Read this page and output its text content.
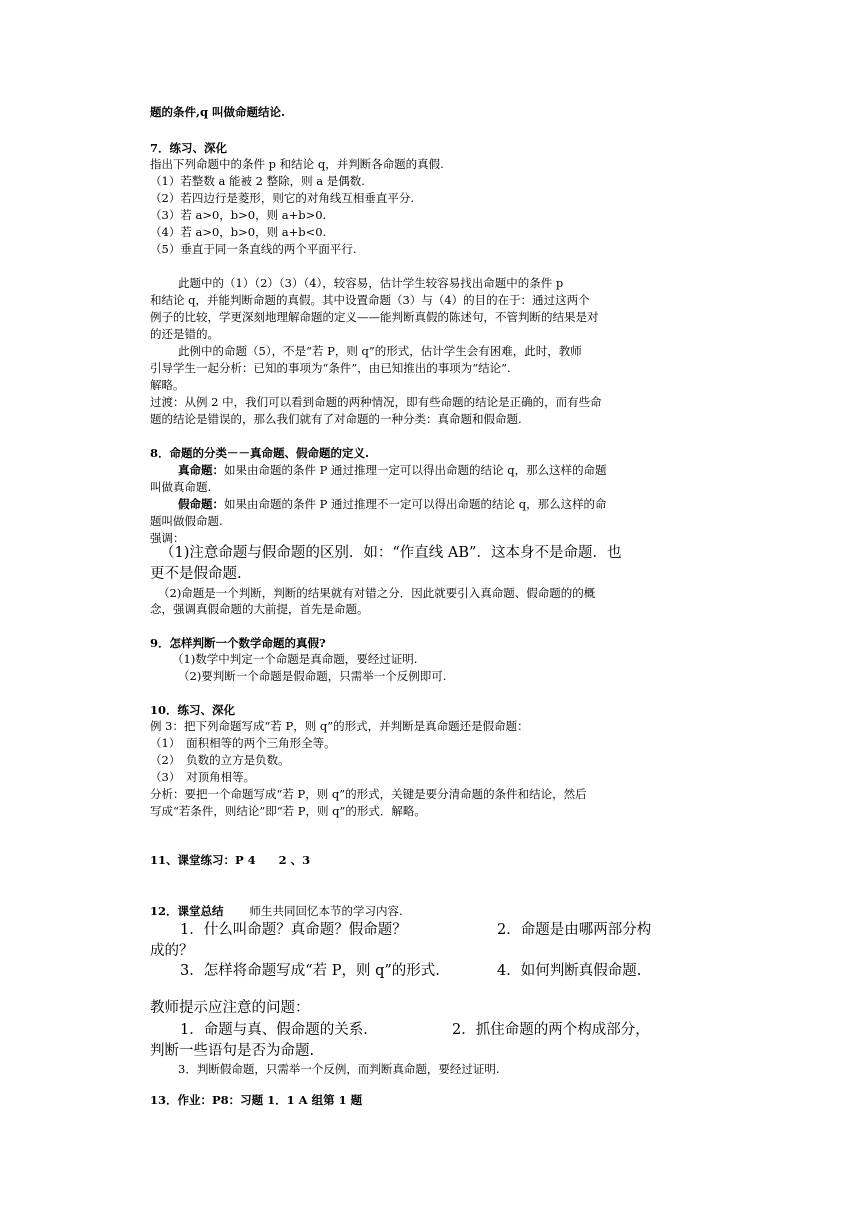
题的条件,q 叫做命题结论.
7．练习、深化
指出下列命题中的条件 p 和结论 q，并判断各命题的真假.
（1）若整数 a 能被 2 整除，则 a 是偶数.
（2）若四边行是菱形，则它的对角线互相垂直平分.
（3）若 a>0，b>0，则 a+b>0.
（4）若 a>0，b>0，则 a+b<0.
（5）垂直于同一条直线的两个平面平行.
此题中的（1）（2）（3）（4），较容易，估计学生较容易找出命题中的条件 p
和结论 q，并能判断命题的真假。其中设置命题（3）与（4）的目的在于：通过这两个
例子的比较，学更深刻地理解命题的定义——能判断真假的陈述句，不管判断的结果是对
的还是错的。
此例中的命题（5），不是“若 P，则 q”的形式，估计学生会有困难，此时，教师
引导学生一起分析：已知的事项为“条件”，由已知推出的事项为“结论”.
解略。
过渡：从例 2 中，我们可以看到命题的两种情况，即有些命题的结论是正确的，而有些命
题的结论是错误的，那么我们就有了对命题的一种分类：真命题和假命题.
8．命题的分类－－真命题、假命题的定义.
真命题：如果由命题的条件 P 通过推理一定可以得出命题的结论 q，那么这样的命题
叫做真命题.
假命题：如果由命题的条件 P 通过推理不一定可以得出命题的结论 q，那么这样的命
题叫做假命题.
强调：
（1)注意命题与假命题的区别．如：“作直线 AB”．这本身不是命题．也
更不是假命题.
（2)命题是一个判断，判断的结果就有对错之分．因此就要引入真命题、假命题的的概
念，强调真假命题的大前提，首先是命题。
9．怎样判断一个数学命题的真假?
（1)数学中判定一个命题是真命题，要经过证明.
（2)要判断一个命题是假命题，只需举一个反例即可.
10．练习、深化
例 3：把下列命题写成“若 P，则 q”的形式，并判断是真命题还是假命题：
（1）　面积相等的两个三角形全等。
（2）　负数的立方是负数。
（3）　对顶角相等。
分析：要把一个命题写成“若 P，则 q”的形式，关键是要分清命题的条件和结论，然后
写成“若条件，则结论”即“若 P，则 q”的形式．解略。
11、课堂练习：P 4　　2 、3
12．课堂总结 师生共同回忆本节的学习内容.
1．什么叫命题？真命题？假命题？	2．命题是由哪两部分构
成的？
3．怎样将命题写成“若 P，则 q”的形式.	4．如何判断真假命题.
教师提示应注意的问题：
1．命题与真、假命题的关系.	2．抓住命题的两个构成部分，
判断一些语句是否为命题.
3．判断假命题，只需举一个反例，而判断真命题，要经过证明.
13．作业：P8：习题 1．1 A 组第 1 题
